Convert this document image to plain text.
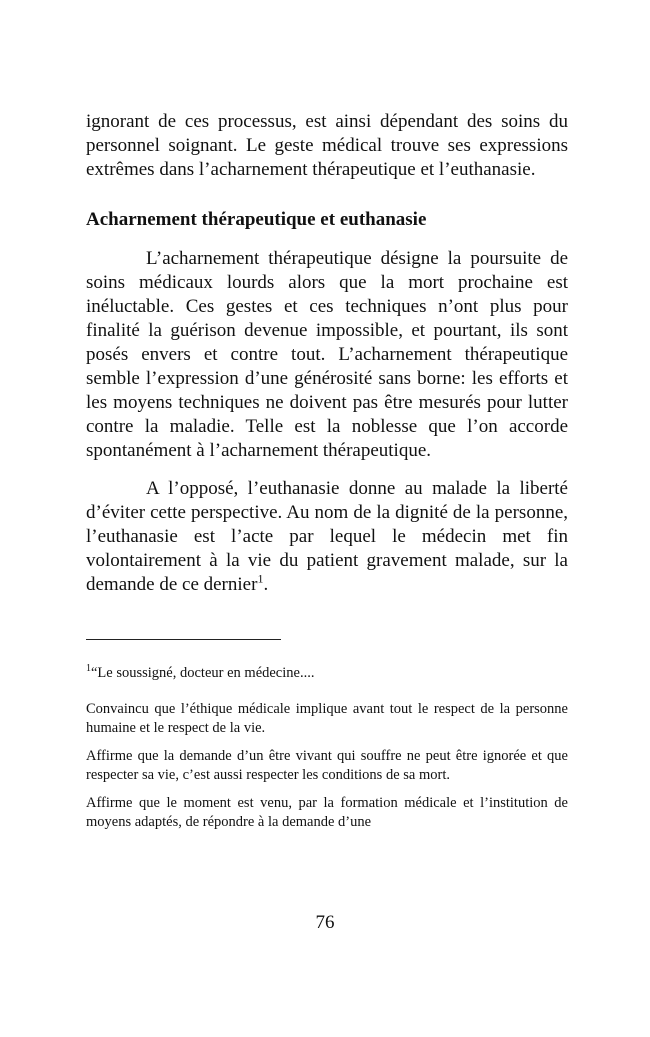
ignorant de ces processus, est ainsi dépendant des soins du personnel soignant. Le geste médical trouve ses expressions extrêmes dans l’acharnement thérapeutique et l’euthanasie.

Acharnement thérapeutique et euthanasie

L’acharnement thérapeutique désigne la poursuite de soins médicaux lourds alors que la mort prochaine est inéluctable. Ces gestes et ces techniques n’ont plus pour finalité la guérison devenue impossible, et pourtant, ils sont posés envers et contre tout. L’acharnement thérapeutique semble l’expression d’une générosité sans borne: les efforts et les moyens techniques ne doivent pas être mesurés pour lutter contre la maladie. Telle est la noblesse que l’on accorde spontanément à l’acharnement thérapeutique.

A l’opposé, l’euthanasie donne au malade la liberté d’éviter cette perspective. Au nom de la dignité de la personne, l’euthanasie est l’acte par lequel le médecin met fin volontairement à la vie du patient gravement malade, sur la demande de ce dernier$^1$.

$^1$“Le soussigné, docteur en médecine....

Convaincu que l’éthique médicale implique avant tout le respect de la personne humaine et le respect de la vie.

Affirme que la demande d’un être vivant qui souffre ne peut être ignorée et que respecter sa vie, c’est aussi respecter les conditions de sa mort.

Affirme que le moment est venu, par la formation médicale et l’institution de moyens adaptés, de répondre à la demande d’une

76
